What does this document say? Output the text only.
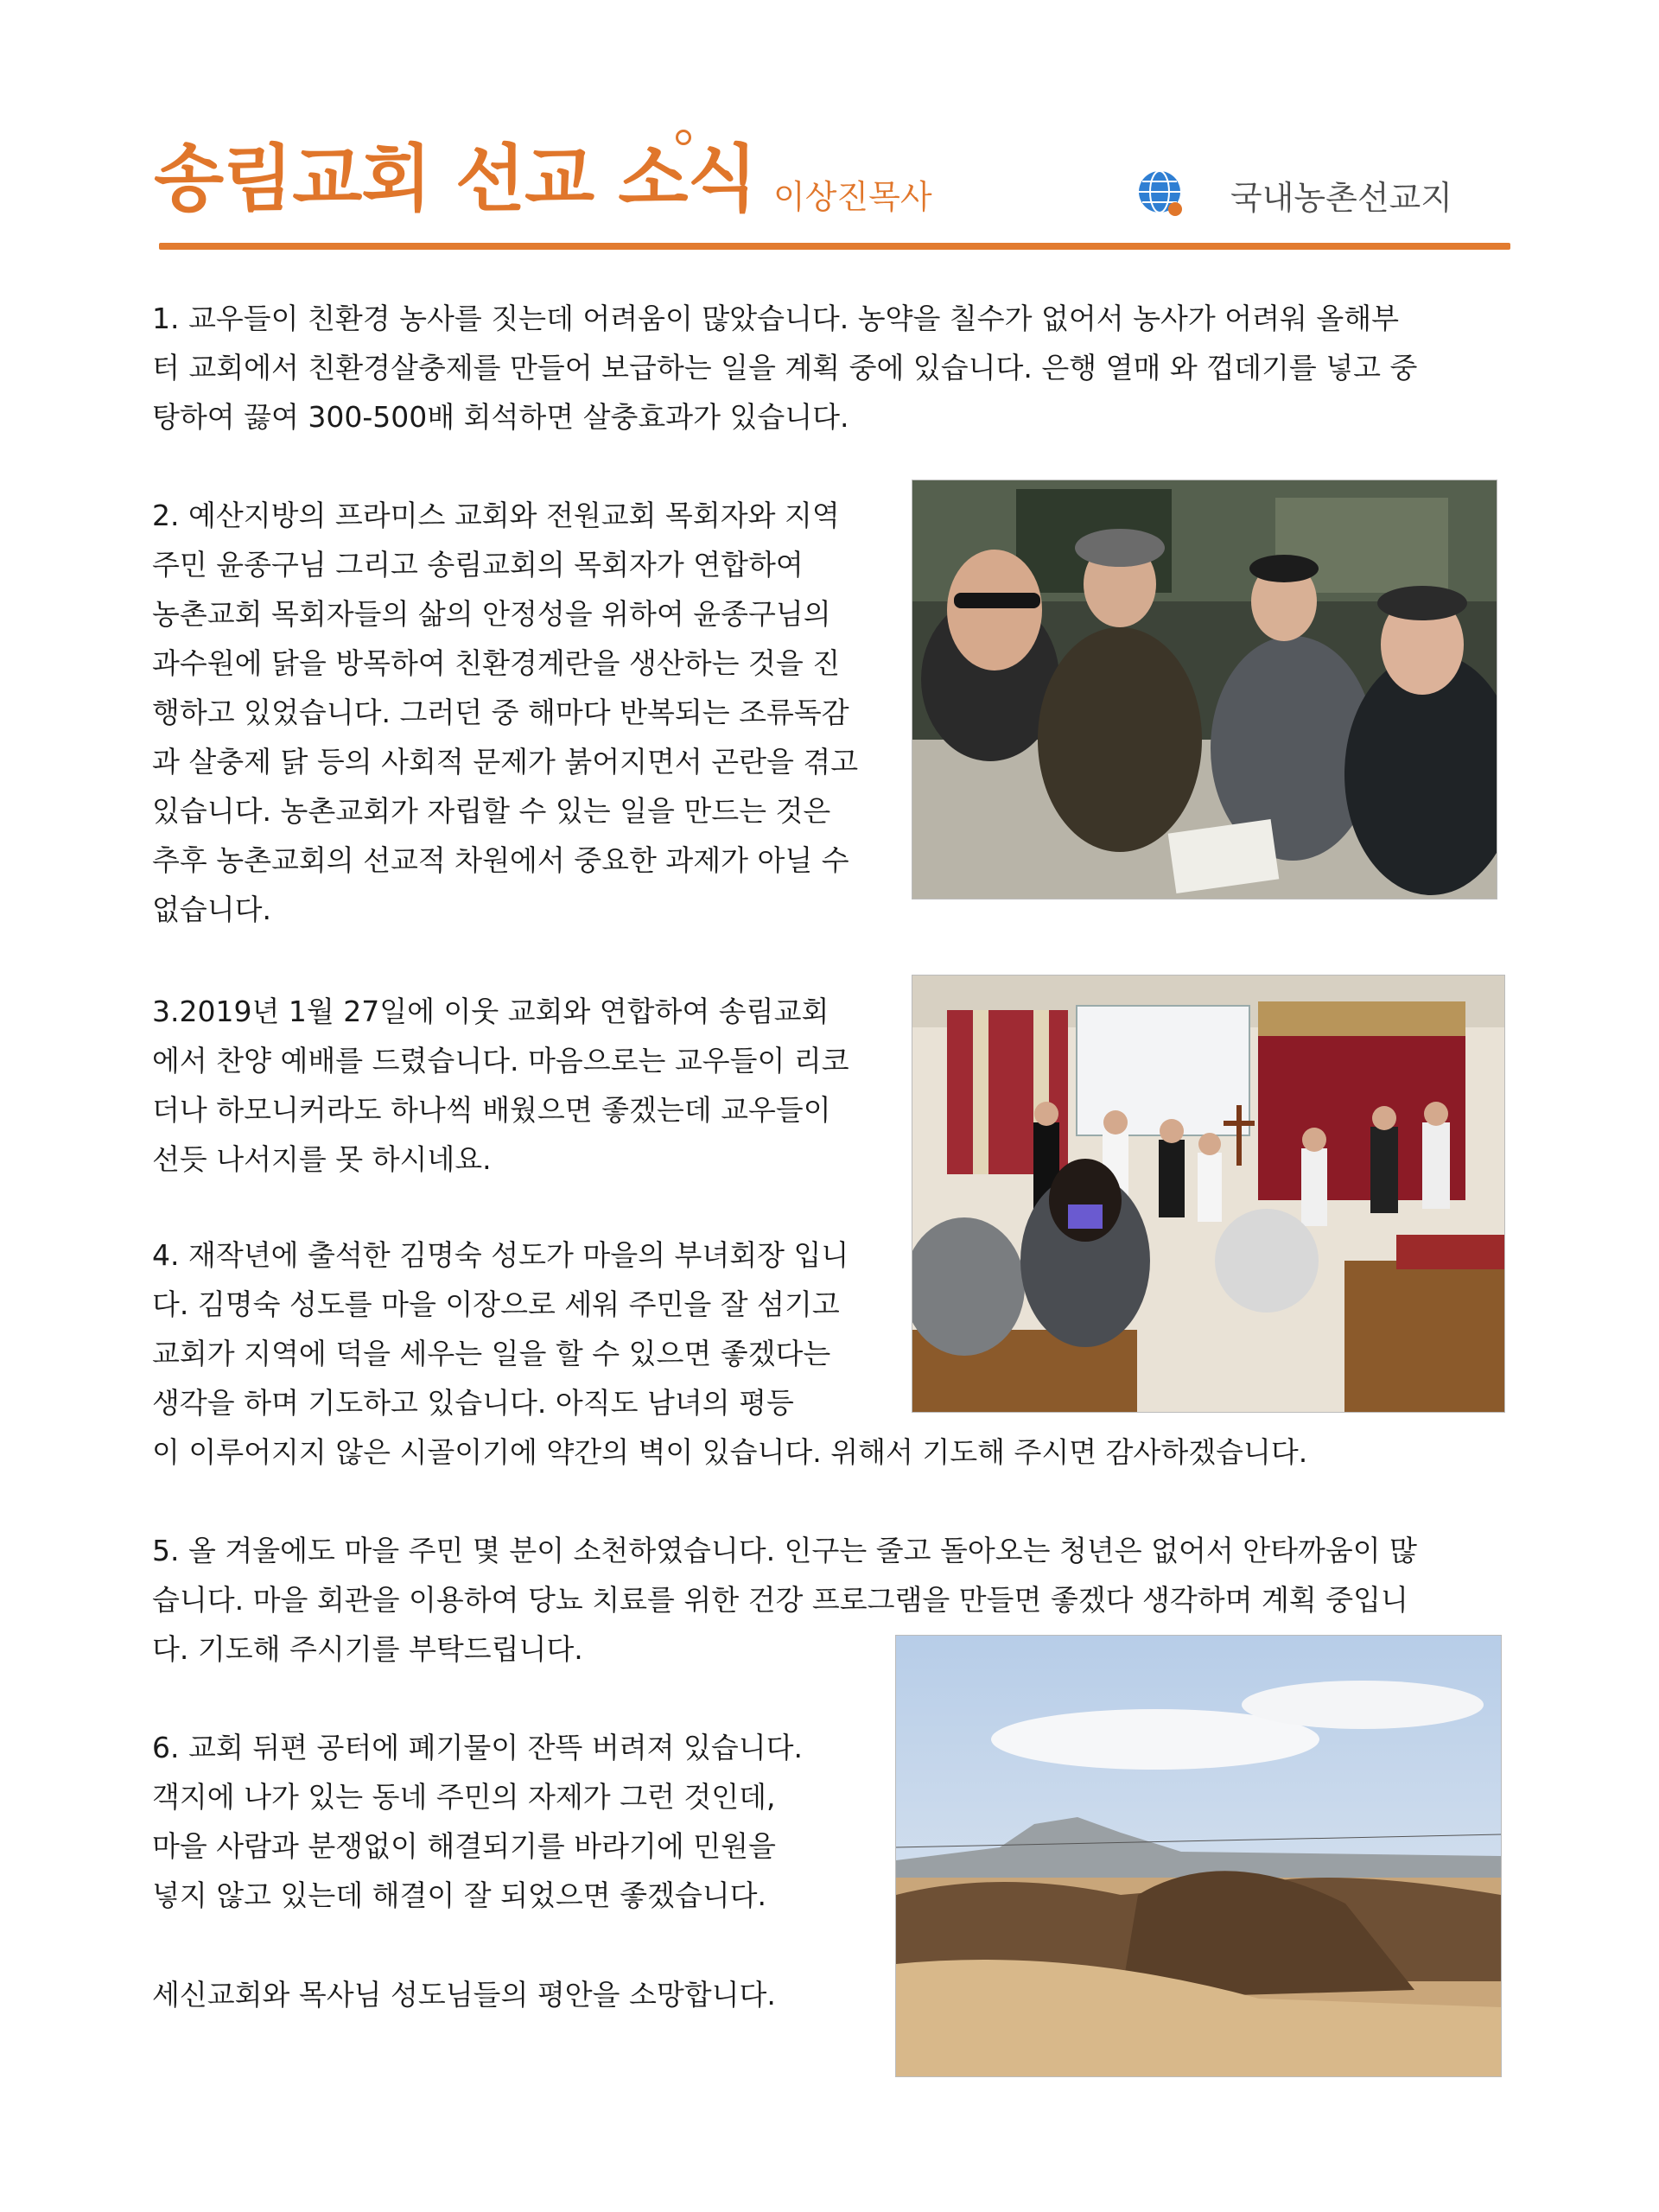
송림교회 선교 소식 이상진목사	국내농촌선교지

1. 교우들이 친환경 농사를 짓는데 어려움이 많았습니다. 농약을 칠수가 없어서 농사가 어려워 올해부

터 교회에서 친환경살충제를 만들어 보급하는 일을 계획 중에 있습니다. 은행 열매 와 껍데기를 넣고 중

탕하여 끓여 300-500배 회석하면 살충효과가 있습니다.

2. 예산지방의 프라미스 교회와 전원교회 목회자와 지역

주민 윤종구님 그리고 송림교회의 목회자가 연합하여

농촌교회 목회자들의 삶의 안정성을 위하여 윤종구님의

과수원에 닭을 방목하여 친환경계란을 생산하는 것을 진

행하고 있었습니다. 그러던 중 해마다 반복되는 조류독감

과 살충제 닭 등의 사회적 문제가 붉어지면서 곤란을 겪고

있습니다. 농촌교회가 자립할 수 있는 일을 만드는 것은

추후 농촌교회의 선교적 차원에서 중요한 과제가 아닐 수

없습니다.

3.2019년 1월 27일에 이웃 교회와 연합하여 송림교회

에서 찬양 예배를 드렸습니다. 마음으로는 교우들이 리코

더나 하모니커라도 하나씩 배웠으면 좋겠는데 교우들이

선듯 나서지를 못 하시네요.

4. 재작년에 출석한 김명숙 성도가 마을의 부녀회장 입니

다. 김명숙 성도를 마을 이장으로 세워 주민을 잘 섬기고

교회가 지역에 덕을 세우는 일을 할 수 있으면 좋겠다는

생각을 하며 기도하고 있습니다. 아직도 남녀의 평등

이 이루어지지 않은 시골이기에 약간의 벽이 있습니다. 위해서 기도해 주시면 감사하겠습니다.

5. 올 겨울에도 마을 주민 몇 분이 소천하였습니다. 인구는 줄고 돌아오는 청년은 없어서 안타까움이 많

습니다. 마을 회관을 이용하여 당뇨 치료를 위한 건강 프로그램을 만들면 좋겠다 생각하며 계획 중입니

다. 기도해 주시기를 부탁드립니다.

6. 교회 뒤편 공터에 폐기물이 잔뜩 버려져 있습니다.

객지에 나가 있는 동네 주민의 자제가 그런 것인데,

마을 사람과 분쟁없이 해결되기를 바라기에 민원을

넣지 않고 있는데 해결이 잘 되었으면 좋겠습니다.

세신교회와 목사님 성도님들의 평안을 소망합니다.
